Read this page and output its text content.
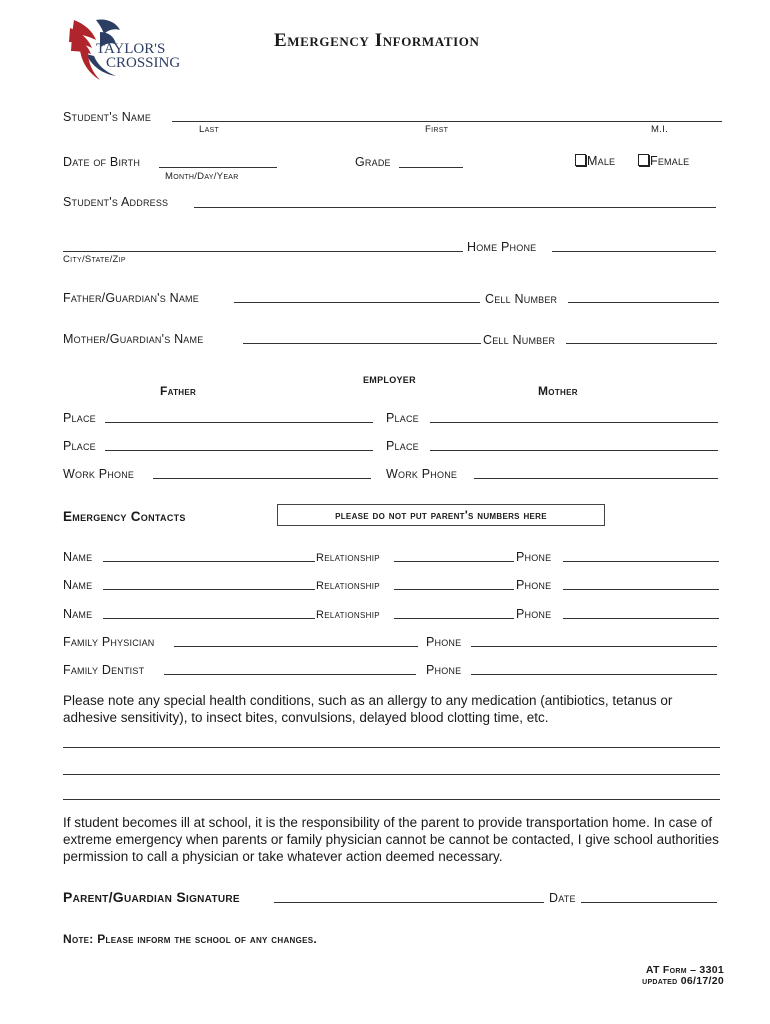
TAYLOR'S
CROSSING
Emergency Information
Student's Name
Last	First	M.I.
Date of Birth
Month/Day/Year
Grade	Male	Female
Student's Address
City/State/Zip
Home Phone
Father/Guardian's Name	Cell Number
Mother/Guardian's Name	Cell Number
employer
Father	Mother
Place	Place
Place	Place
Work Phone	Work Phone
Emergency Contacts	please do not put parent's numbers here
Name	Relationship	Phone
Name	Relationship	Phone
Name	Relationship	Phone
Family Physician	Phone
Family Dentist	Phone
Please note any special health conditions, such as an allergy to any medication (antibiotics, tetanus or adhesive sensitivity), to insect bites, convulsions, delayed blood clotting time, etc.
If student becomes ill at school, it is the responsibility of the parent to provide transportation home. In case of extreme emergency when parents or family physician cannot be cannot be contacted, I give school authorities permission to call a physician or take whatever action deemed necessary.
Parent/Guardian Signature	Date
Note: Please inform the school of any changes.
AT Form – 3301
updated 06/17/20
